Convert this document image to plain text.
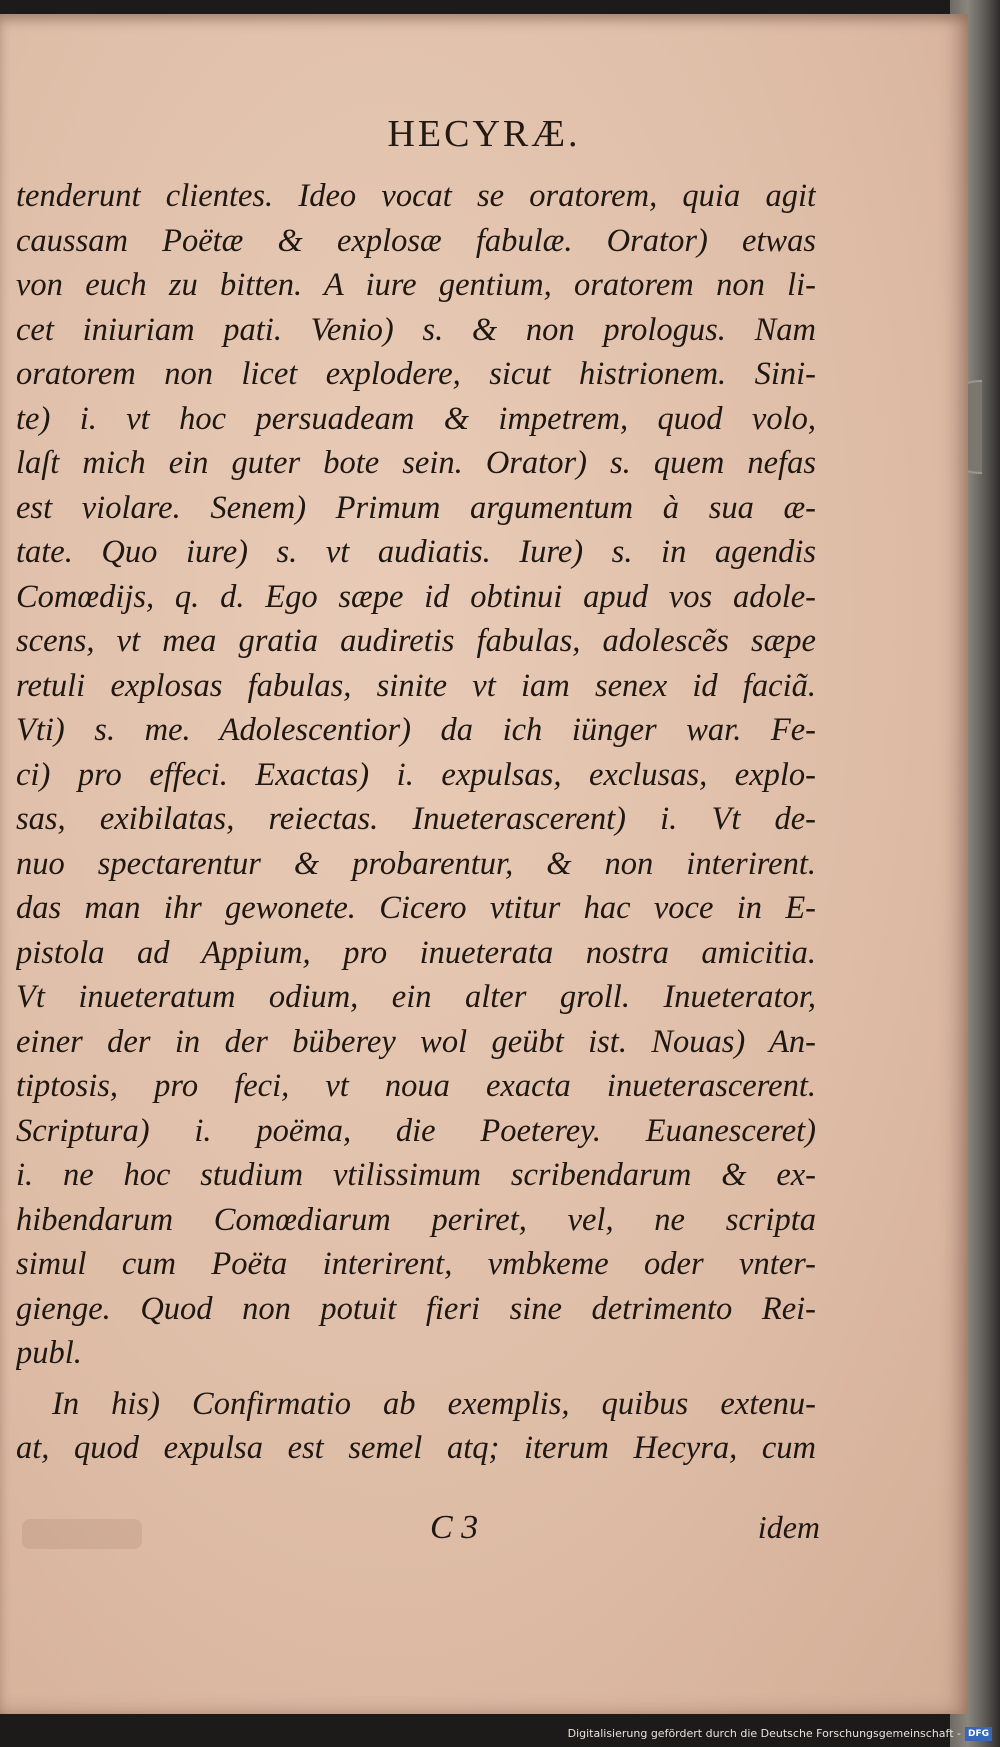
HECYRÆ.
tenderunt clientes. Ideo vocat se oratorem, quia agit
caussam Poëtæ & explosæ fabulæ. Orator) etwas
von euch zu bitten. A iure gentium, oratorem non li-
cet iniuriam pati. Venio) s. & non prologus. Nam
oratorem non licet explodere, sicut histrionem. Sini-
te) i. vt hoc persuadeam & impetrem, quod volo,
laſt mich ein guter bote sein. Orator) s. quem nefas
est violare. Senem) Primum argumentum à sua æ-
tate. Quo iure) s. vt audiatis. Iure) s. in agendis
Comœdijs, q. d. Ego sæpe id obtinui apud vos adole-
scens, vt mea gratia audiretis fabulas, adolescẽs sæpe
retuli explosas fabulas, sinite vt iam senex id faciã.
Vti) s. me. Adolescentior) da ich iünger war. Fe-
ci) pro effeci. Exactas) i. expulsas, exclusas, explo-
sas, exibilatas, reiectas. Inueterascerent) i. Vt de-
nuo spectarentur & probarentur, & non interirent.
das man ihr gewonete. Cicero vtitur hac voce in E-
pistola ad Appium, pro inueterata nostra amicitia.
Vt inueteratum odium, ein alter groll. Inueterator,
einer der in der büberey wol geübt ist. Nouas) An-
tiptosis, pro feci, vt noua exacta inueterascerent.
Scriptura) i. poëma, die Poeterey. Euanesceret)
i. ne hoc studium vtilissimum scribendarum & ex-
hibendarum Comœdiarum periret, vel, ne scripta
simul cum Poëta interirent, vmbkeme oder vnter-
gienge. Quod non potuit fieri sine detrimento Rei-
publ.
In his) Confirmatio ab exemplis, quibus extenu-
at, quod expulsa est semel atq; iterum Hecyra, cum
C 3	idem
Digitalisierung gefördert durch die Deutsche Forschungsgemeinschaft - DFG
